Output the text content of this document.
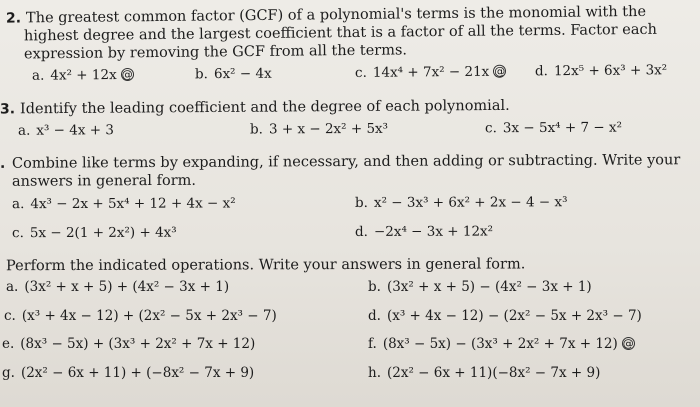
2. The greatest common factor (GCF) of a polynomial's terms is the monomial with the
highest degree and the largest coefficient that is a factor of all the terms. Factor each
expression by removing the GCF from all the terms.
a. 4x² + 12x @	b. 6x² − 4x	c. 14x⁴ + 7x² − 21x @ d. 12x⁵ + 6x³ + 3x²
3. Identify the leading coefficient and the degree of each polynomial.
a. x³ − 4x + 3	b. 3 + x − 2x² + 5x³	c. 3x − 5x⁴ + 7 − x²
. Combine like terms by expanding, if necessary, and then adding or subtracting. Write your
answers in general form.
a. 4x³ − 2x + 5x⁴ + 12 + 4x − x²	b. x² − 3x³ + 6x² + 2x − 4 − x³
c. 5x − 2(1 + 2x²) + 4x³	d. −2x⁴ − 3x + 12x²
Perform the indicated operations. Write your answers in general form.
a. (3x² + x + 5) + (4x² − 3x + 1)	b. (3x² + x + 5) − (4x² − 3x + 1)
c. (x³ + 4x − 12) + (2x² − 5x + 2x³ − 7)	d. (x³ + 4x − 12) − (2x² − 5x + 2x³ − 7)
e. (8x³ − 5x) + (3x³ + 2x² + 7x + 12)	f. (8x³ − 5x) − (3x³ + 2x² + 7x + 12) @
g. (2x² − 6x + 11) + (−8x² − 7x + 9)	h. (2x² − 6x + 11)(−8x² − 7x + 9)
